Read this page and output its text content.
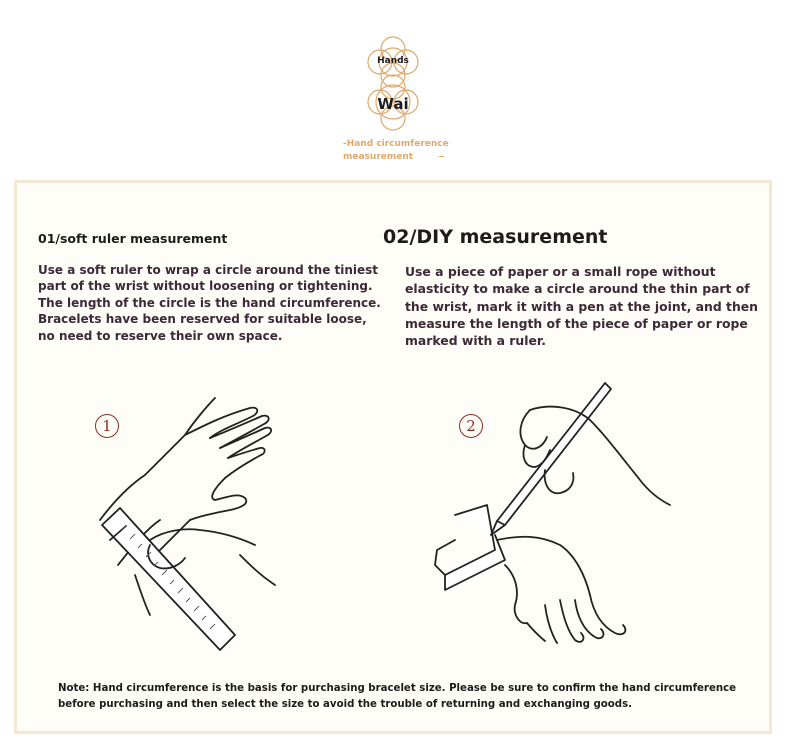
Hands
Wai
-Hand circumference measurement
01/soft ruler measurement	02/DIY measurement
Use a soft ruler to wrap a circle around the tiniest part of the wrist without loosening or tightening. The length of the circle is the hand circumference. Bracelets have been reserved for suitable loose, no need to reserve their own space.
Use a piece of paper or a small rope without elasticity to make a circle around the thin part of the wrist, mark it with a pen at the joint, and then measure the length of the piece of paper or rope marked with a ruler.
1	2
Note: Hand circumference is the basis for purchasing bracelet size. Please be sure to confirm the hand circumference before purchasing and then select the size to avoid the trouble of returning and exchanging goods.
